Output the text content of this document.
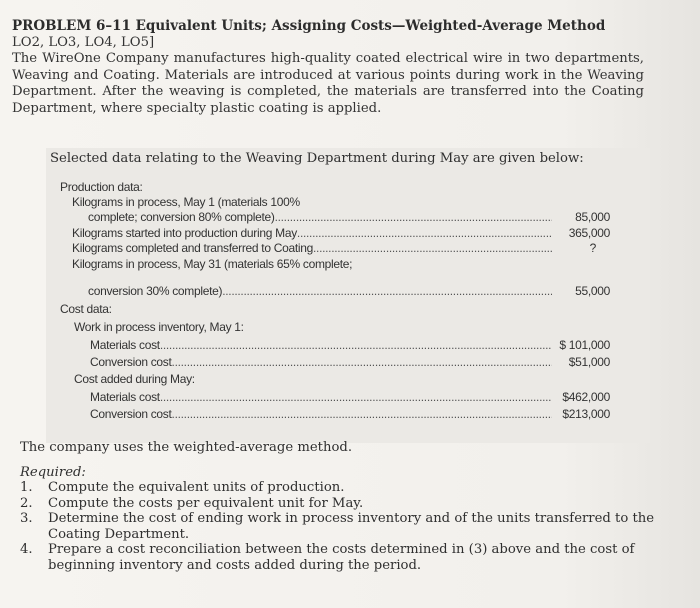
PROBLEM 6–11 Equivalent Units; Assigning Costs—Weighted-Average Method

LO2, LO3, LO4, LO5]

The WireOne Company manufactures high-quality coated electrical wire in two departments, Weaving and Coating. Materials are introduced at various points during work in the Weaving Department. After the weaving is completed, the materials are transferred into the Coating Department, where specialty plastic coating is applied.

Selected data relating to the Weaving Department during May are given below:
Production data:
Kilograms in process, May 1 (materials 100%
complete; conversion 80% complete) .....	85,000
Kilograms started into production during May .....	365,000
Kilograms completed and transferred to Coating .....	?
Kilograms in process, May 31 (materials 65% complete;
conversion 30% complete) .....	55,000
Cost data:
Work in process inventory, May 1:
Materials cost .....	$ 101,000
Conversion cost .....	$51,000
Cost added during May:
Materials cost .....	$462,000
Conversion cost .....	$213,000

The company uses the weighted-average method.

Required:

1.	Compute the equivalent units of production.
2.	Compute the costs per equivalent unit for May.
3.	Determine the cost of ending work in process inventory and of the units transferred to the Coating Department.
4.	Prepare a cost reconciliation between the costs determined in (3) above and the cost of beginning inventory and costs added during the period.
